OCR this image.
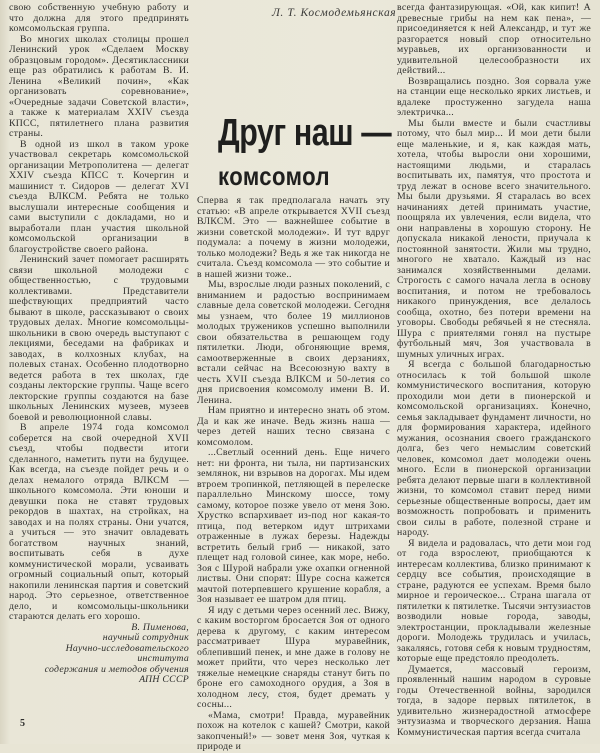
свою собственную учебную работу и что должна для этого предпринять комсомольская группа.

Во многих школах столицы прошел Ленинский урок «Сделаем Москву образцовым городом». Десятиклассники еще раз обратились к работам В. И. Ленина «Великий почин», «Как организовать соревнование», «Очередные задачи Советской власти», а также к материалам XXIV съезда КПСС, пятилетнего плана развития страны.

В одной из школ в таком уроке участвовал секретарь комсомольской организации Метрополитена — делегат XXIV съезда КПСС т. Кочергин и машинист т. Сидоров — делегат XVI съезда ВЛКСМ. Ребята не только выслушали интересные сообщения и сами выступили с докладами, но и выработали план участия школьной комсомольской организации в благоустройстве своего района.

Ленинский зачет помогает расширять связи школьной молодежи с общественностью, с трудовыми коллективами. Представители шефствующих предприятий часто бывают в школе, рассказывают о своих трудовых делах. Многие комсомольцы-школьники в свою очередь выступают с лекциями, беседами на фабриках и заводах, в колхозных клубах, на полевых станах. Особенно плодотворно ведется работа в тех школах, где созданы лекторские группы. Чаще всего лекторские группы создаются на базе школьных Ленинских музеев, музеев боевой и революционной славы.

В апреле 1974 года комсомол соберется на свой очередной XVII съезд, чтобы подвести итоги сделанного, наметить пути на будущее. Как всегда, на съезде пойдет речь и о делах немалого отряда ВЛКСМ — школьного комсомола. Эти юноши и девушки пока не ставят трудовых рекордов в шахтах, на стройках, на заводах и на полях страны. Они учатся, а учиться — это значит овладевать богатством научных знаний, воспитывать себя в духе коммунистической морали, усваивать огромный социальный опыт, который накопили ленинская партия и советский народ. Это серьезное, ответственное дело, и комсомольцы-школьники стараются делать его хорошо.

В. Пименова,

научный сотрудник

Научно-исследовательского

института

содержания и методов обучения

АПН СССР

Л. Т. Космодемьянская
Друг наш —
комсомол

Сперва я так предполагала начать эту статью: «В апреле открывается XVII съезд ВЛКСМ. Это — важнейшее событие в жизни советской молодежи». И тут вдруг подумала: а почему в жизни молодежи, только молодежи? Ведь я же так никогда не считала. Съезд комсомола — это событие и в нашей жизни тоже..

Мы, взрослые люди разных поколений, с вниманием и радостью воспринимаем славные дела советской молодежи. Сегодня мы узнаем, что более 19 миллионов молодых тружеников успешно выполнили свои обязательства в решающем году пятилетки. Люди, обгоняющие время, самоотверженные в своих дерзаниях, встали сейчас на Всесоюзную вахту в честь XVII съезда ВЛКСМ и 50-летия со дня присвоения комсомолу имени В. И. Ленина.

Нам приятно и интересно знать об этом. Да и как же иначе. Ведь жизнь наша — через детей наших тесно связана с комсомолом.

...Светлый осенний день. Еще ничего нет: ни фронта, ни тыла, ни партизанских землянок, ни взрывов на дорогах. Мы идем втроем тропинкой, петляющей в перелеске параллельно Минскому шоссе, тому самому, которое позже увело от меня Зою. Хрустко вспархивает из-под ног какая-то птица, под ветерком идут штрихами отраженные в лужах березы. Надежды встретить белый гриб — никакой, зато плещет над головой синее, как море, небо. Зоя с Шурой набрали уже охапки огненной листвы. Они спорят: Шуре сосна кажется мачтой потерпевшего крушение корабля, а Зоя называет ее шатром для птиц.

Я иду с детьми через осенний лес. Вижу, с каким восторгом бросается Зоя от одного дерева к другому, с каким интересом рассматривает Шура муравейник, облепивший пенек, и мне даже в голову не может прийти, что через несколько лет тяжелые немецкие снаряды станут бить по броне его самоходного орудия, а Зоя в холодном лесу, стоя, будет дремать у сосны...

«Мама, смотри! Правда, муравейник похож на котелок с кашей? Смотри, какой закопченый!» — зовет меня Зоя, чуткая к природе и

всегда фантазирующая. «Ой, как кипит! А древесные грибы на нем как пена», — присоединяется к ней Александр, и тут же разгорается новый спор относительно муравьев, их организованности и удивительной целесообразности их действий...

Возвращались поздно. Зоя сорвала уже на станции еще несколько ярких листьев, и вдалеке простуженно загудела наша электричка...

Мы были вместе и были счастливы потому, что был мир... И мои дети были еще маленькие, и я, как каждая мать, хотела, чтобы выросли они хорошими, настоящими людьми, и старалась воспитывать их, памятуя, что простота и труд лежат в основе всего значительного. Мы были друзьями. Я старалась во всех начинаниях детей принимать участие, поощряла их увлечения, если видела, что они направлены в хорошую сторону. Не допускала никакой лености, приучала к постоянной занятости. Жили мы трудно, многого не хватало. Каждый из нас занимался хозяйственными делами. Строгость с самого начала легла в основу воспитания, и потом не требовалось никакого принуждения, все делалось сообща, охотно, без потери времени на уговоры. Свободы ребячьей я не стесняла. Шура с приятелями гонял на пустыре футбольный мяч, Зоя участвовала в шумных уличных играх.

Я всегда с большой благодарностью относилась к той большой школе коммунистического воспитания, которую проходили мои дети в пионерской и комсомольской организациях. Конечно, семья закладывает фундамент личности, но для формирования характера, идейного мужания, осознания своего гражданского долга, без чего немыслим советский человек, комсомол дает молодежи очень много. Если в пионерской организации ребята делают первые шаги в коллективной жизни, то комсомол ставит перед ними серьезные общественные вопросы, дает им возможность попробовать и применить свои силы в работе, полезной стране и народу.

Я видела и радовалась, что дети мои год от года взрослеют, приобщаются к интересам коллектива, близко принимают к сердцу все события, происходящие в стране, радуются ее успехам. Время было мирное и героическое... Страна шагала от пятилетки к пятилетке. Тысячи энтузиастов возводили новые города, заводы, электростанции, прокладывали железные дороги. Молодежь трудилась и училась, закаляясь, готовя себя к новым трудностям, которые еще предстояло преодолеть.

Думается, массовый героизм, проявленный нашим народом в суровые годы Отечественной войны, зародился тогда, в задоре первых пятилеток, в удивительно жизнерадостной атмосфере энтузиазма и творческого дерзания. Наша Коммунистическая партия всегда считала

5
